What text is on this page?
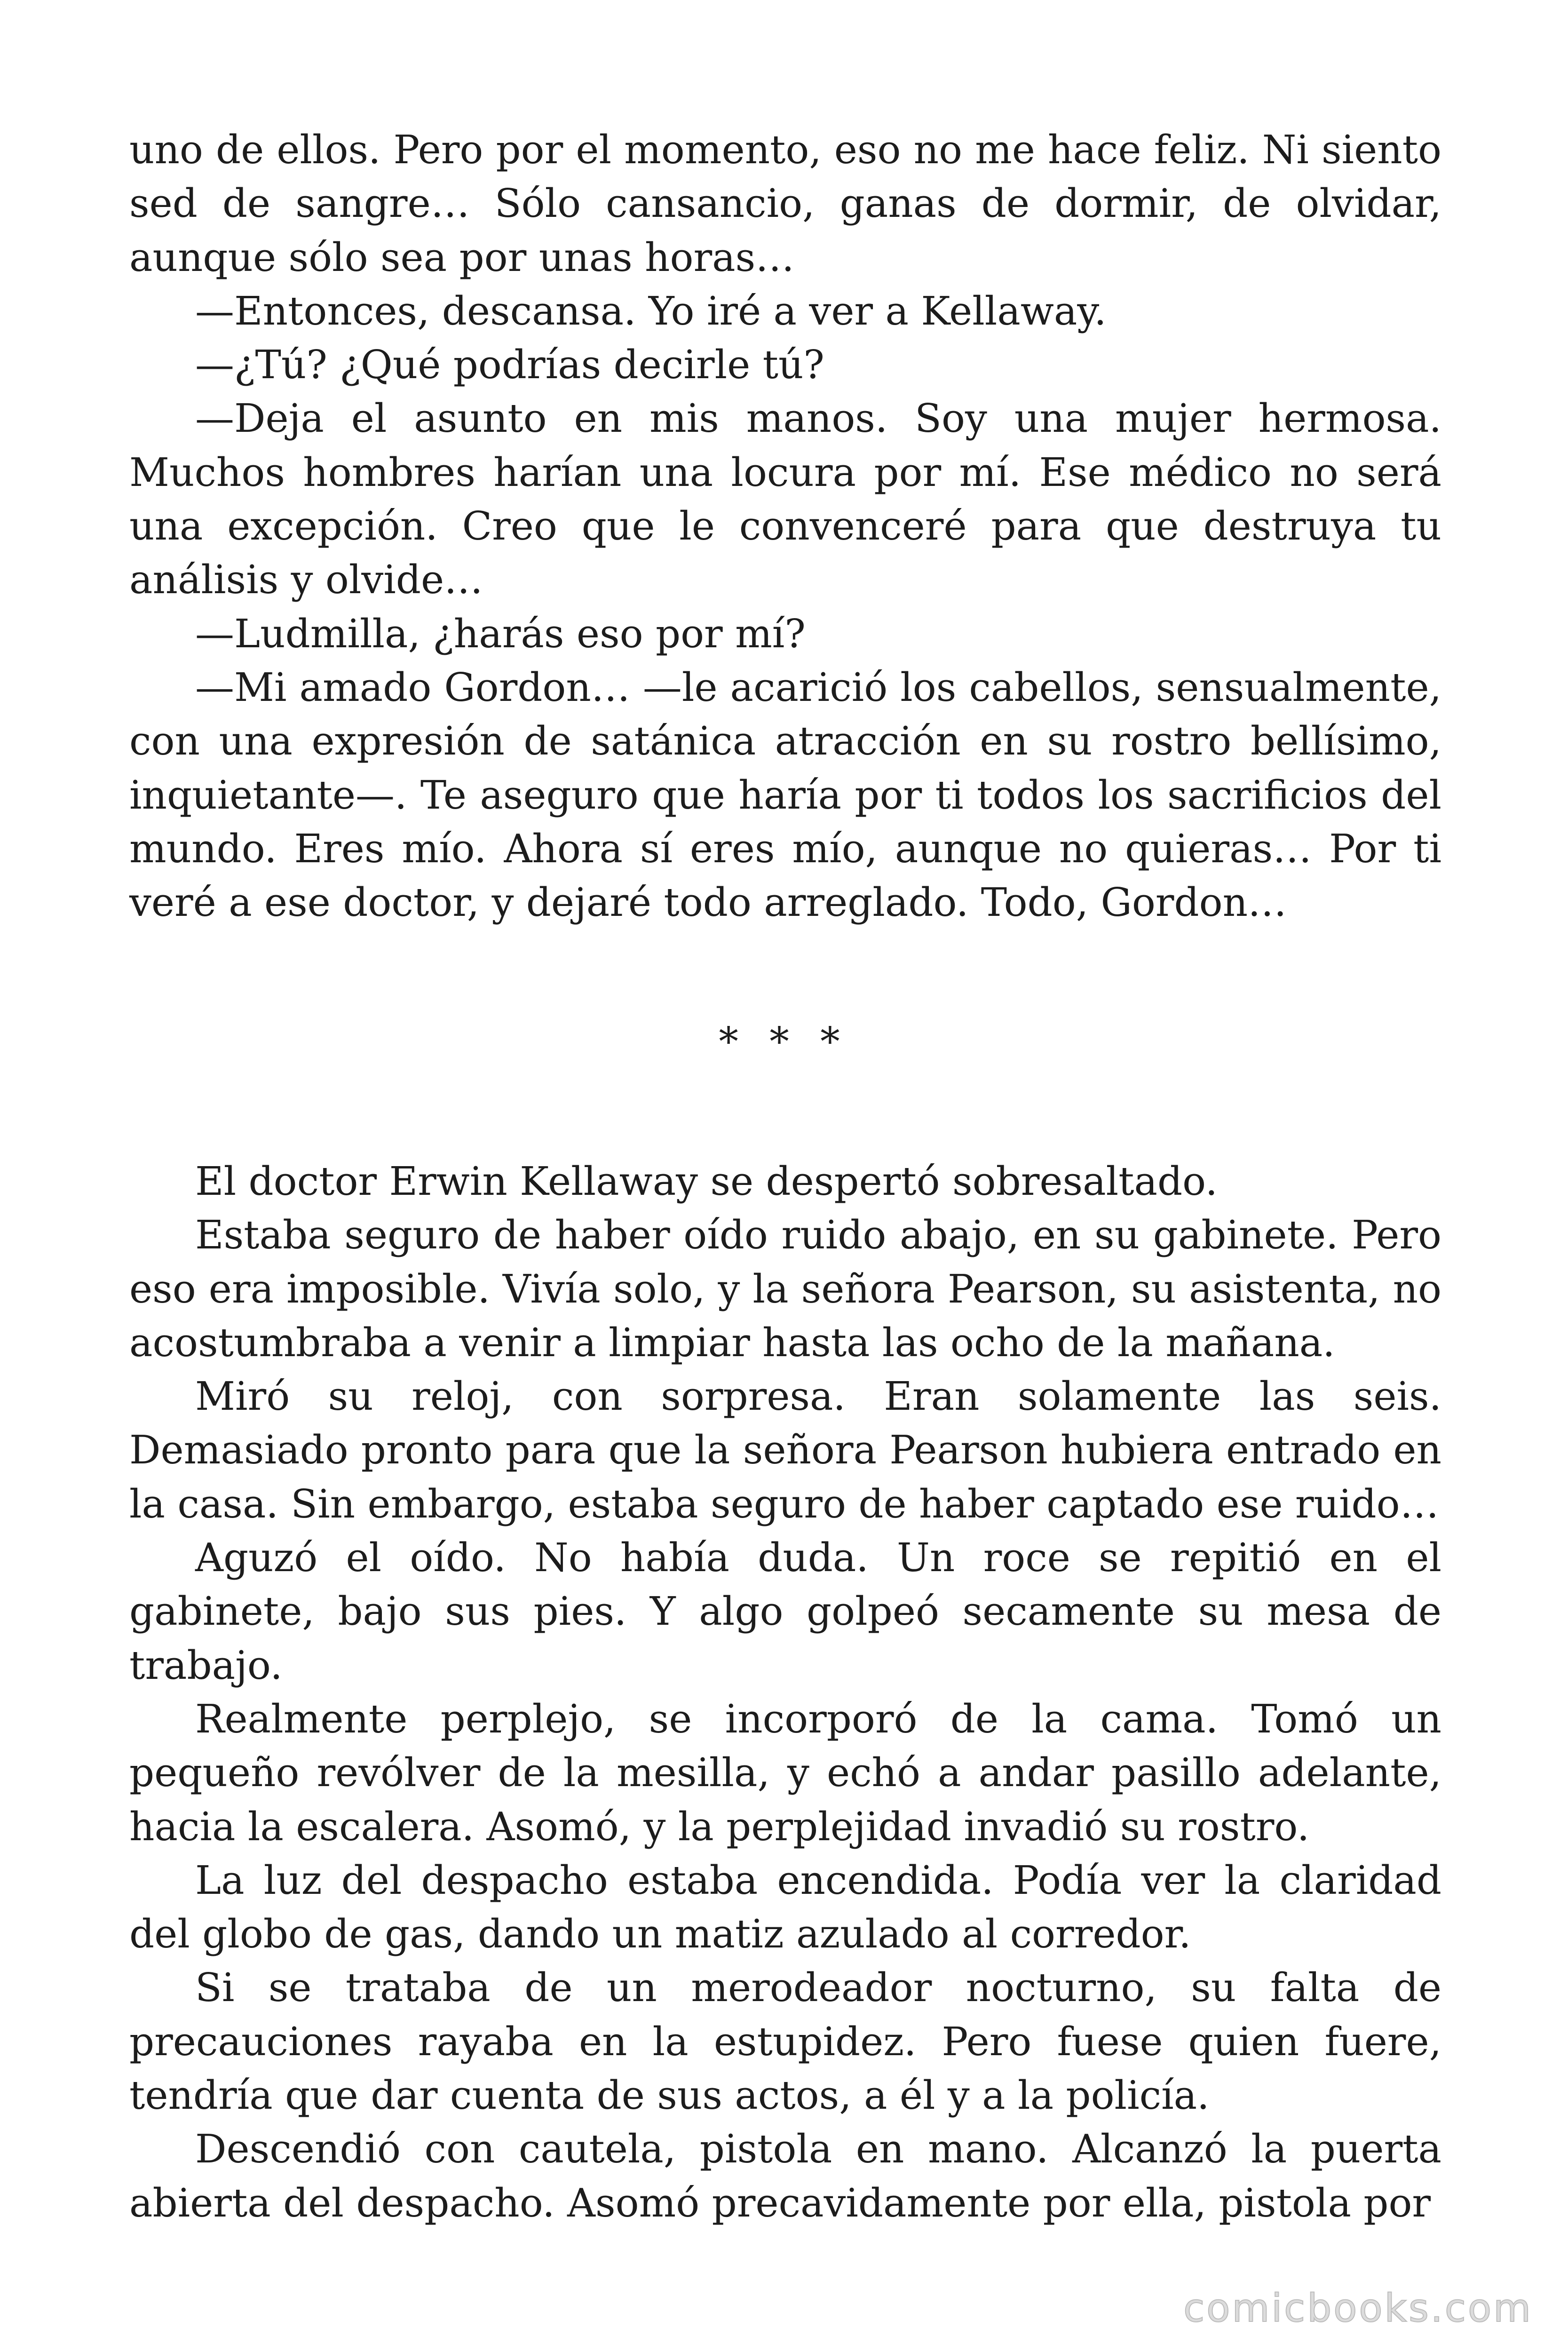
uno de ellos. Pero por el momento, eso no me hace feliz. Ni siento sed de sangre… Sólo cansancio, ganas de dormir, de olvidar, aunque sólo sea por unas horas…

—Entonces, descansa. Yo iré a ver a Kellaway.

—¿Tú? ¿Qué podrías decirle tú?

—Deja el asunto en mis manos. Soy una mujer hermosa. Muchos hombres harían una locura por mí. Ese médico no será una excepción. Creo que le convenceré para que destruya tu análisis y olvide…

—Ludmilla, ¿harás eso por mí?

—Mi amado Gordon… —le acarició los cabellos, sensualmente, con una expresión de satánica atracción en su rostro bellísimo, inquietante—. Te aseguro que haría por ti todos los sacrificios del mundo. Eres mío. Ahora sí eres mío, aunque no quieras… Por ti veré a ese doctor, y dejaré todo arreglado. Todo, Gordon…

* * *

El doctor Erwin Kellaway se despertó sobresaltado.

Estaba seguro de haber oído ruido abajo, en su gabinete. Pero eso era imposible. Vivía solo, y la señora Pearson, su asistenta, no acostumbraba a venir a limpiar hasta las ocho de la mañana.

Miró su reloj, con sorpresa. Eran solamente las seis. Demasiado pronto para que la señora Pearson hubiera entrado en la casa. Sin embargo, estaba seguro de haber captado ese ruido…

Aguzó el oído. No había duda. Un roce se repitió en el gabinete, bajo sus pies. Y algo golpeó secamente su mesa de trabajo.

Realmente perplejo, se incorporó de la cama. Tomó un pequeño revólver de la mesilla, y echó a andar pasillo adelante, hacia la escalera. Asomó, y la perplejidad invadió su rostro.

La luz del despacho estaba encendida. Podía ver la claridad del globo de gas, dando un matiz azulado al corredor.

Si se trataba de un merodeador nocturno, su falta de precauciones rayaba en la estupidez. Pero fuese quien fuere, tendría que dar cuenta de sus actos, a él y a la policía.

Descendió con cautela, pistola en mano. Alcanzó la puerta abierta del despacho. Asomó precavidamente por ella, pistola por

comicbooks.com
